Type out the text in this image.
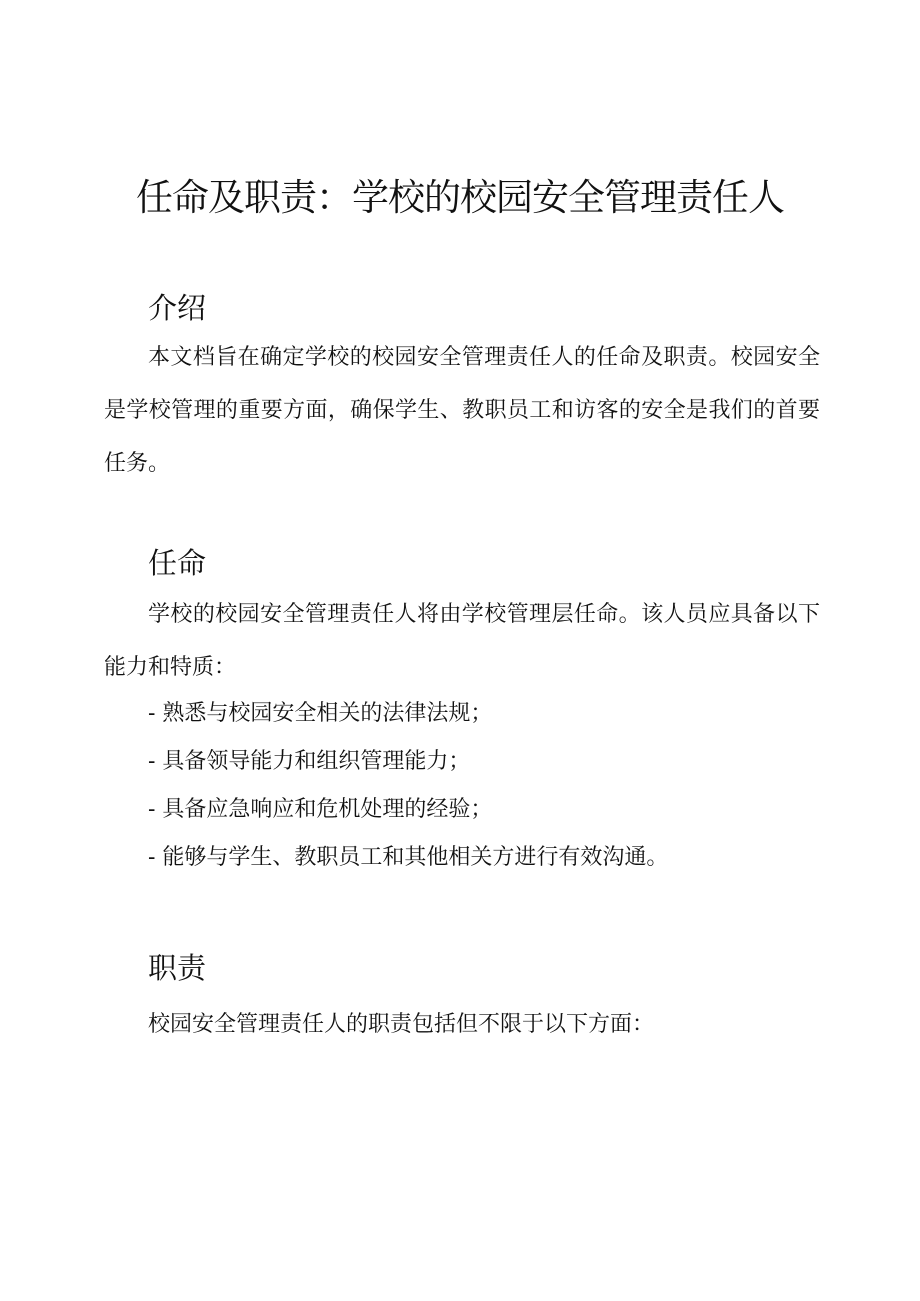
任命及职责：学校的校园安全管理责任人
介绍

本文档旨在确定学校的校园安全管理责任人的任命及职责。校园安全是学校管理的重要方面，确保学生、教职员工和访客的安全是我们的首要任务。

任命

学校的校园安全管理责任人将由学校管理层任命。该人员应具备以下能力和特质：

- 熟悉与校园安全相关的法律法规；
- 具备领导能力和组织管理能力；
- 具备应急响应和危机处理的经验；
- 能够与学生、教职员工和其他相关方进行有效沟通。
职责

校园安全管理责任人的职责包括但不限于以下方面：
